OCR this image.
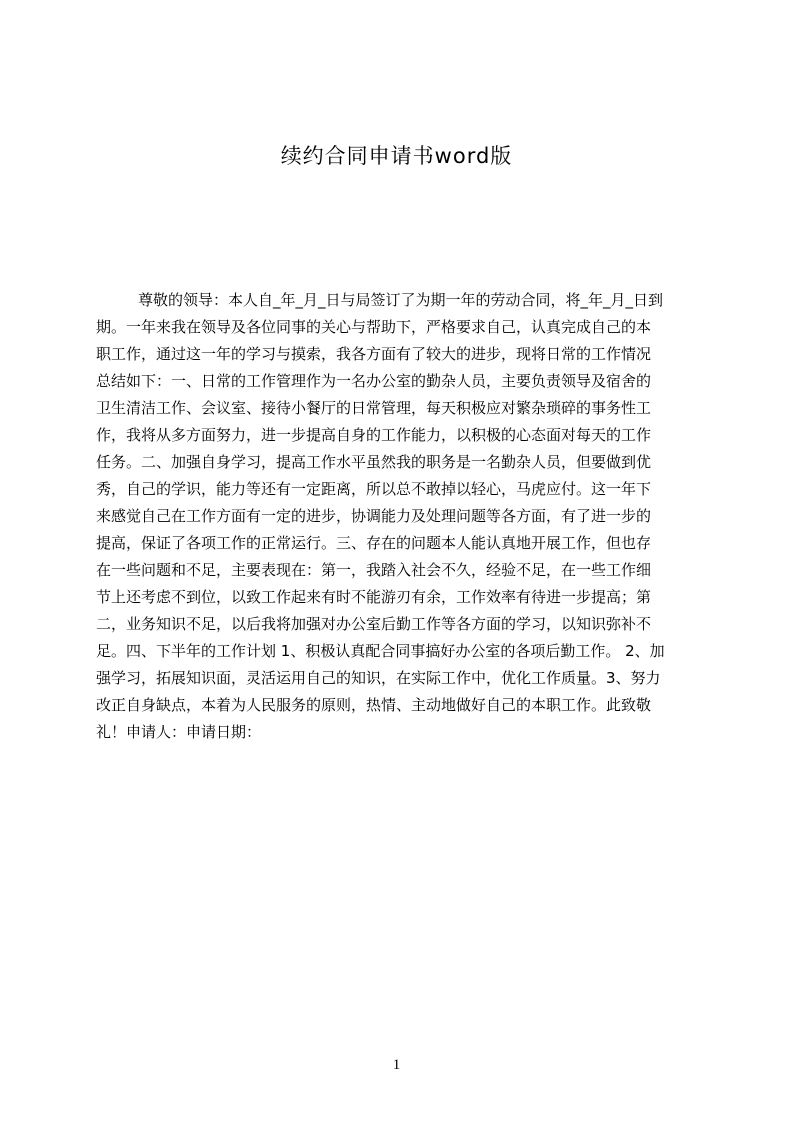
续约合同申请书word版
尊敬的领导：本人自_年_月_日与局签订了为期一年的劳动合同，将_年_月_日到
期。一年来我在领导及各位同事的关心与帮助下，严格要求自己，认真完成自己的本
职工作，通过这一年的学习与摸索，我各方面有了较大的进步，现将日常的工作情况
总结如下：一、日常的工作管理作为一名办公室的勤杂人员，主要负责领导及宿舍的
卫生清洁工作、会议室、接待小餐厅的日常管理，每天积极应对繁杂琐碎的事务性工
作，我将从多方面努力，进一步提高自身的工作能力，以积极的心态面对每天的工作
任务。二、加强自身学习，提高工作水平虽然我的职务是一名勤杂人员，但要做到优
秀，自己的学识，能力等还有一定距离，所以总不敢掉以轻心，马虎应付。这一年下
来感觉自己在工作方面有一定的进步，协调能力及处理问题等各方面，有了进一步的
提高，保证了各项工作的正常运行。三、存在的问题本人能认真地开展工作，但也存
在一些问题和不足，主要表现在：第一，我踏入社会不久，经验不足，在一些工作细
节上还考虑不到位，以致工作起来有时不能游刃有余，工作效率有待进一步提高；第
二，业务知识不足，以后我将加强对办公室后勤工作等各方面的学习，以知识弥补不
足。四、下半年的工作计划 1、积极认真配合同事搞好办公室的各项后勤工作。 2、加
强学习，拓展知识面，灵活运用自己的知识，在实际工作中，优化工作质量。3、努力
改正自身缺点，本着为人民服务的原则，热情、主动地做好自己的本职工作。此致敬
礼！申请人：申请日期：
1
